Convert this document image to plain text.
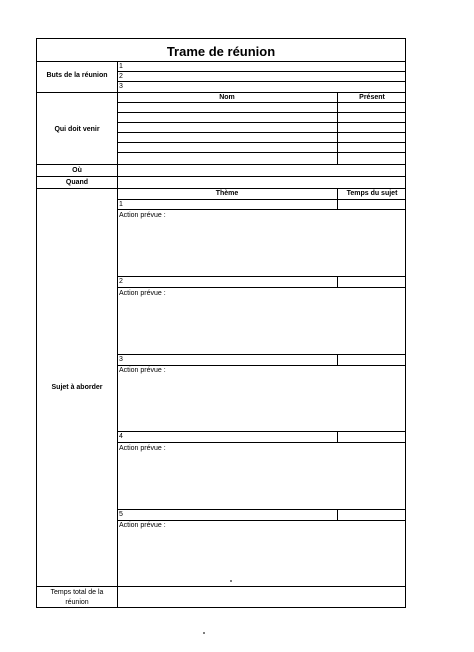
Trame de réunion
Buts de la réunion
1
2
3
Qui doit venir
Nom	Présent
Où
Quand
Sujet à aborder
Thème	Temps du sujet
1
Action prévue :
2
Action prévue :
3
Action prévue :
4
Action prévue :
5
Action prévue :
Temps total de la
réunion
